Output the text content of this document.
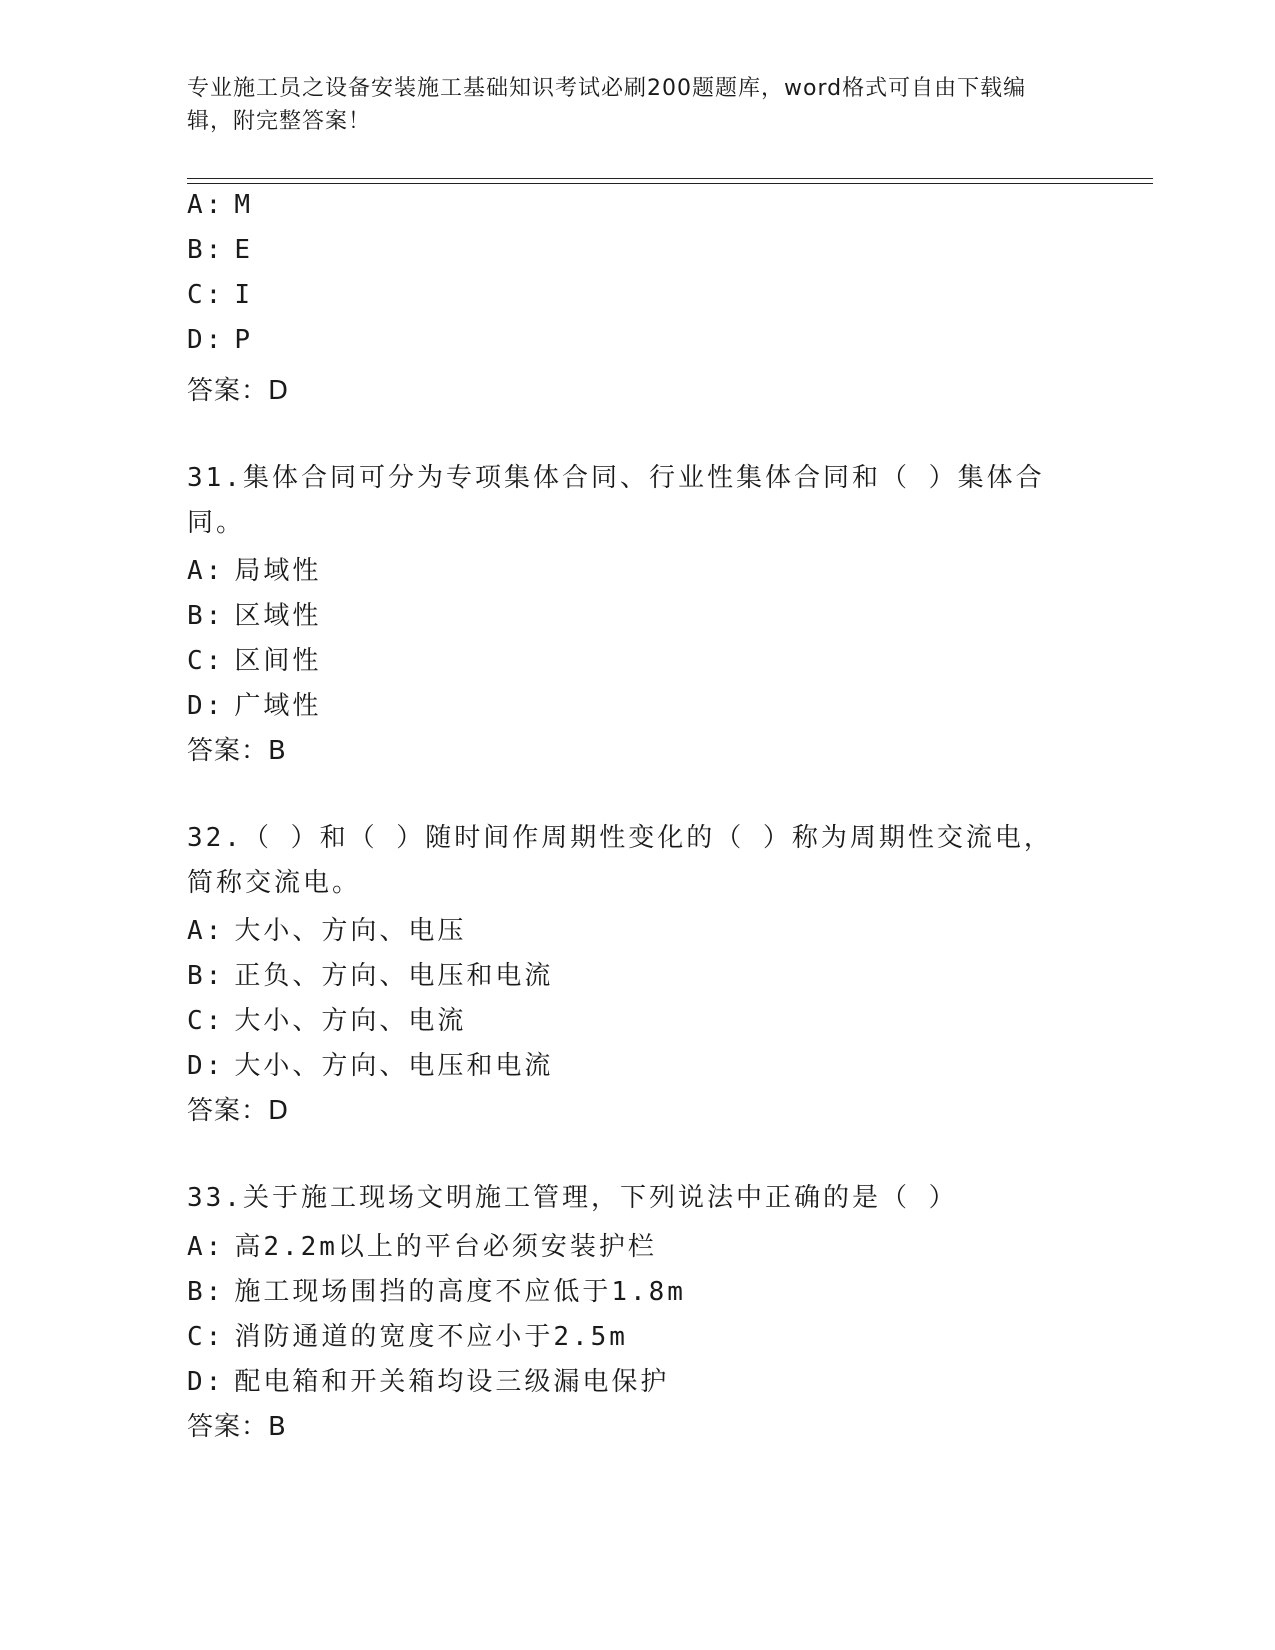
专业施工员之设备安装施工基础知识考试必刷200题题库，word格式可自由下载编辑，附完整答案！
A: M
B: E
C: I
D: P
答案：D
31.集体合同可分为专项集体合同、行业性集体合同和（ ）集体合同。
A: 局域性
B: 区域性
C: 区间性
D: 广域性
答案：B
32.（ ）和（ ）随时间作周期性变化的（ ）称为周期性交流电，简称交流电。
A: 大小、方向、电压
B: 正负、方向、电压和电流
C: 大小、方向、电流
D: 大小、方向、电压和电流
答案：D
33.关于施工现场文明施工管理，下列说法中正确的是（ ）
A: 高2.2m以上的平台必须安装护栏
B: 施工现场围挡的高度不应低于1.8m
C: 消防通道的宽度不应小于2.5m
D: 配电箱和开关箱均设三级漏电保护
答案：B
